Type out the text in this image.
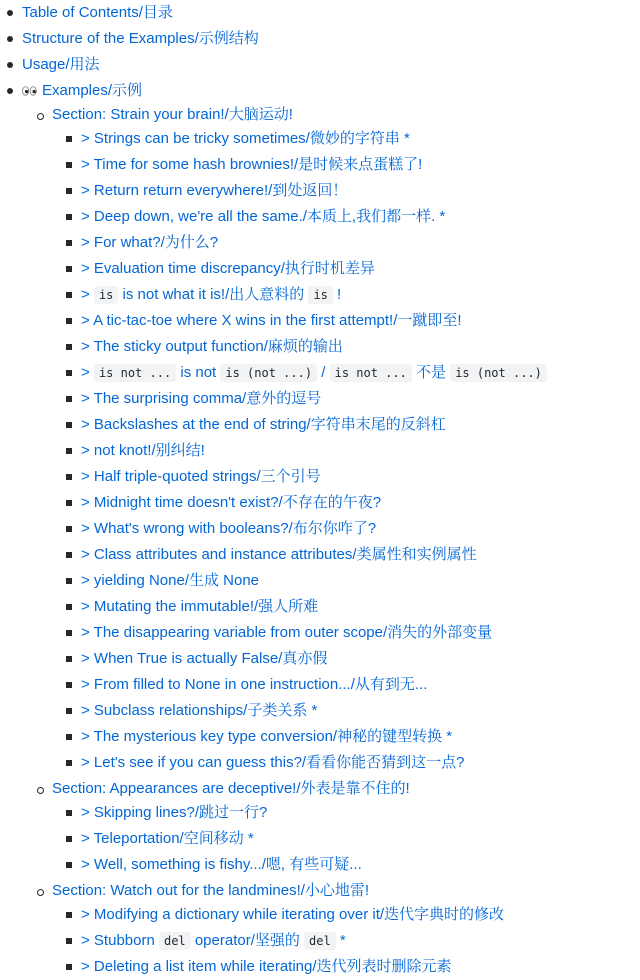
Table of Contents/目录
Structure of the Examples/示例结构
Usage/用法
Examples/示例
Section: Strain your brain!/大脑运动!
> Strings can be tricky sometimes/微妙的字符串 *
> Time for some hash brownies!/是时候来点蛋糕了!
> Return return everywhere!/到处返回！
> Deep down, we're all the same./本质上,我们都一样. *
> For what?/为什么?
> Evaluation time discrepancy/执行时机差异
> is is not what it is!/出人意料的 is !
> A tic-tac-toe where X wins in the first attempt!/一蹴即至!
> The sticky output function/麻烦的输出
> is not ... is not is (not ...) / is not ... 不是 is (not ...)
> The surprising comma/意外的逗号
> Backslashes at the end of string/字符串末尾的反斜杠
> not knot!/别纠结!
> Half triple-quoted strings/三个引号
> Midnight time doesn't exist?/不存在的午夜?
> What's wrong with booleans?/布尔你咋了?
> Class attributes and instance attributes/类属性和实例属性
> yielding None/生成 None
> Mutating the immutable!/强人所难
> The disappearing variable from outer scope/消失的外部变量
> When True is actually False/真亦假
> From filled to None in one instruction.../从有到无...
> Subclass relationships/子类关系 *
> The mysterious key type conversion/神秘的键型转换 *
> Let's see if you can guess this?/看看你能否猜到这一点?
Section: Appearances are deceptive!/外表是靠不住的!
> Skipping lines?/跳过一行?
> Teleportation/空间移动 *
> Well, something is fishy.../嗯, 有些可疑...
Section: Watch out for the landmines!/小心地雷!
> Modifying a dictionary while iterating over it/迭代字典时的修改
> Stubborn del operator/坚强的 del *
> Deleting a list item while iterating/迭代列表时删除元素
